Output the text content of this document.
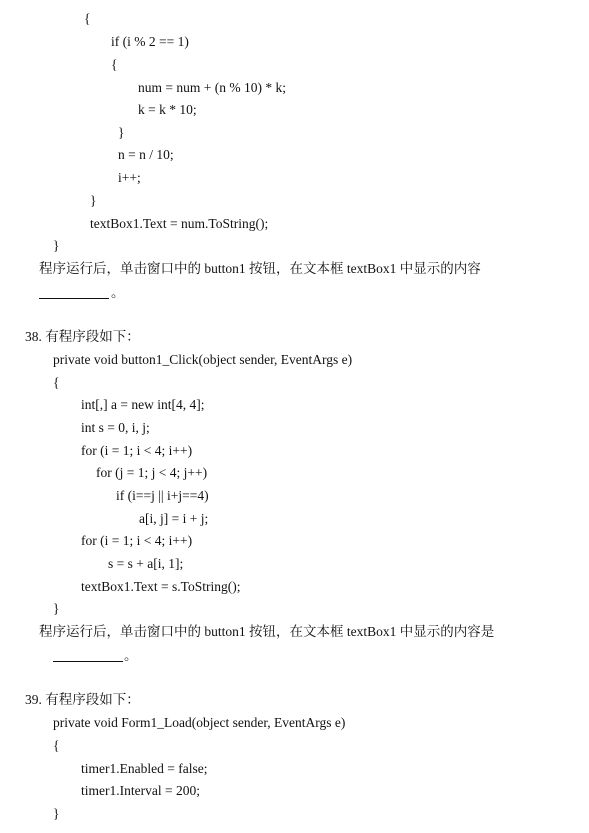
{
if (i % 2 == 1)
{
num = num + (n % 10) * k;
k = k * 10;
}
n = n / 10;
i++;
}
textBox1.Text = num.ToString();
}
程序运行后，单击窗口中的 button1 按钮，在文本框 textBox1 中显示的内容
。
38. 有程序段如下：
private void button1_Click(object sender, EventArgs e)
{
int[,] a = new int[4, 4];
int s = 0, i, j;
for (i = 1; i < 4; i++)
for (j = 1; j < 4; j++)
if (i==j || i+j==4)
a[i, j] = i + j;
for (i = 1; i < 4; i++)
s = s + a[i, 1];
textBox1.Text = s.ToString();
}
程序运行后，单击窗口中的 button1 按钮，在文本框 textBox1 中显示的内容是
。
39. 有程序段如下：
private void Form1_Load(object sender, EventArgs e)
{
timer1.Enabled = false;
timer1.Interval = 200;
}
